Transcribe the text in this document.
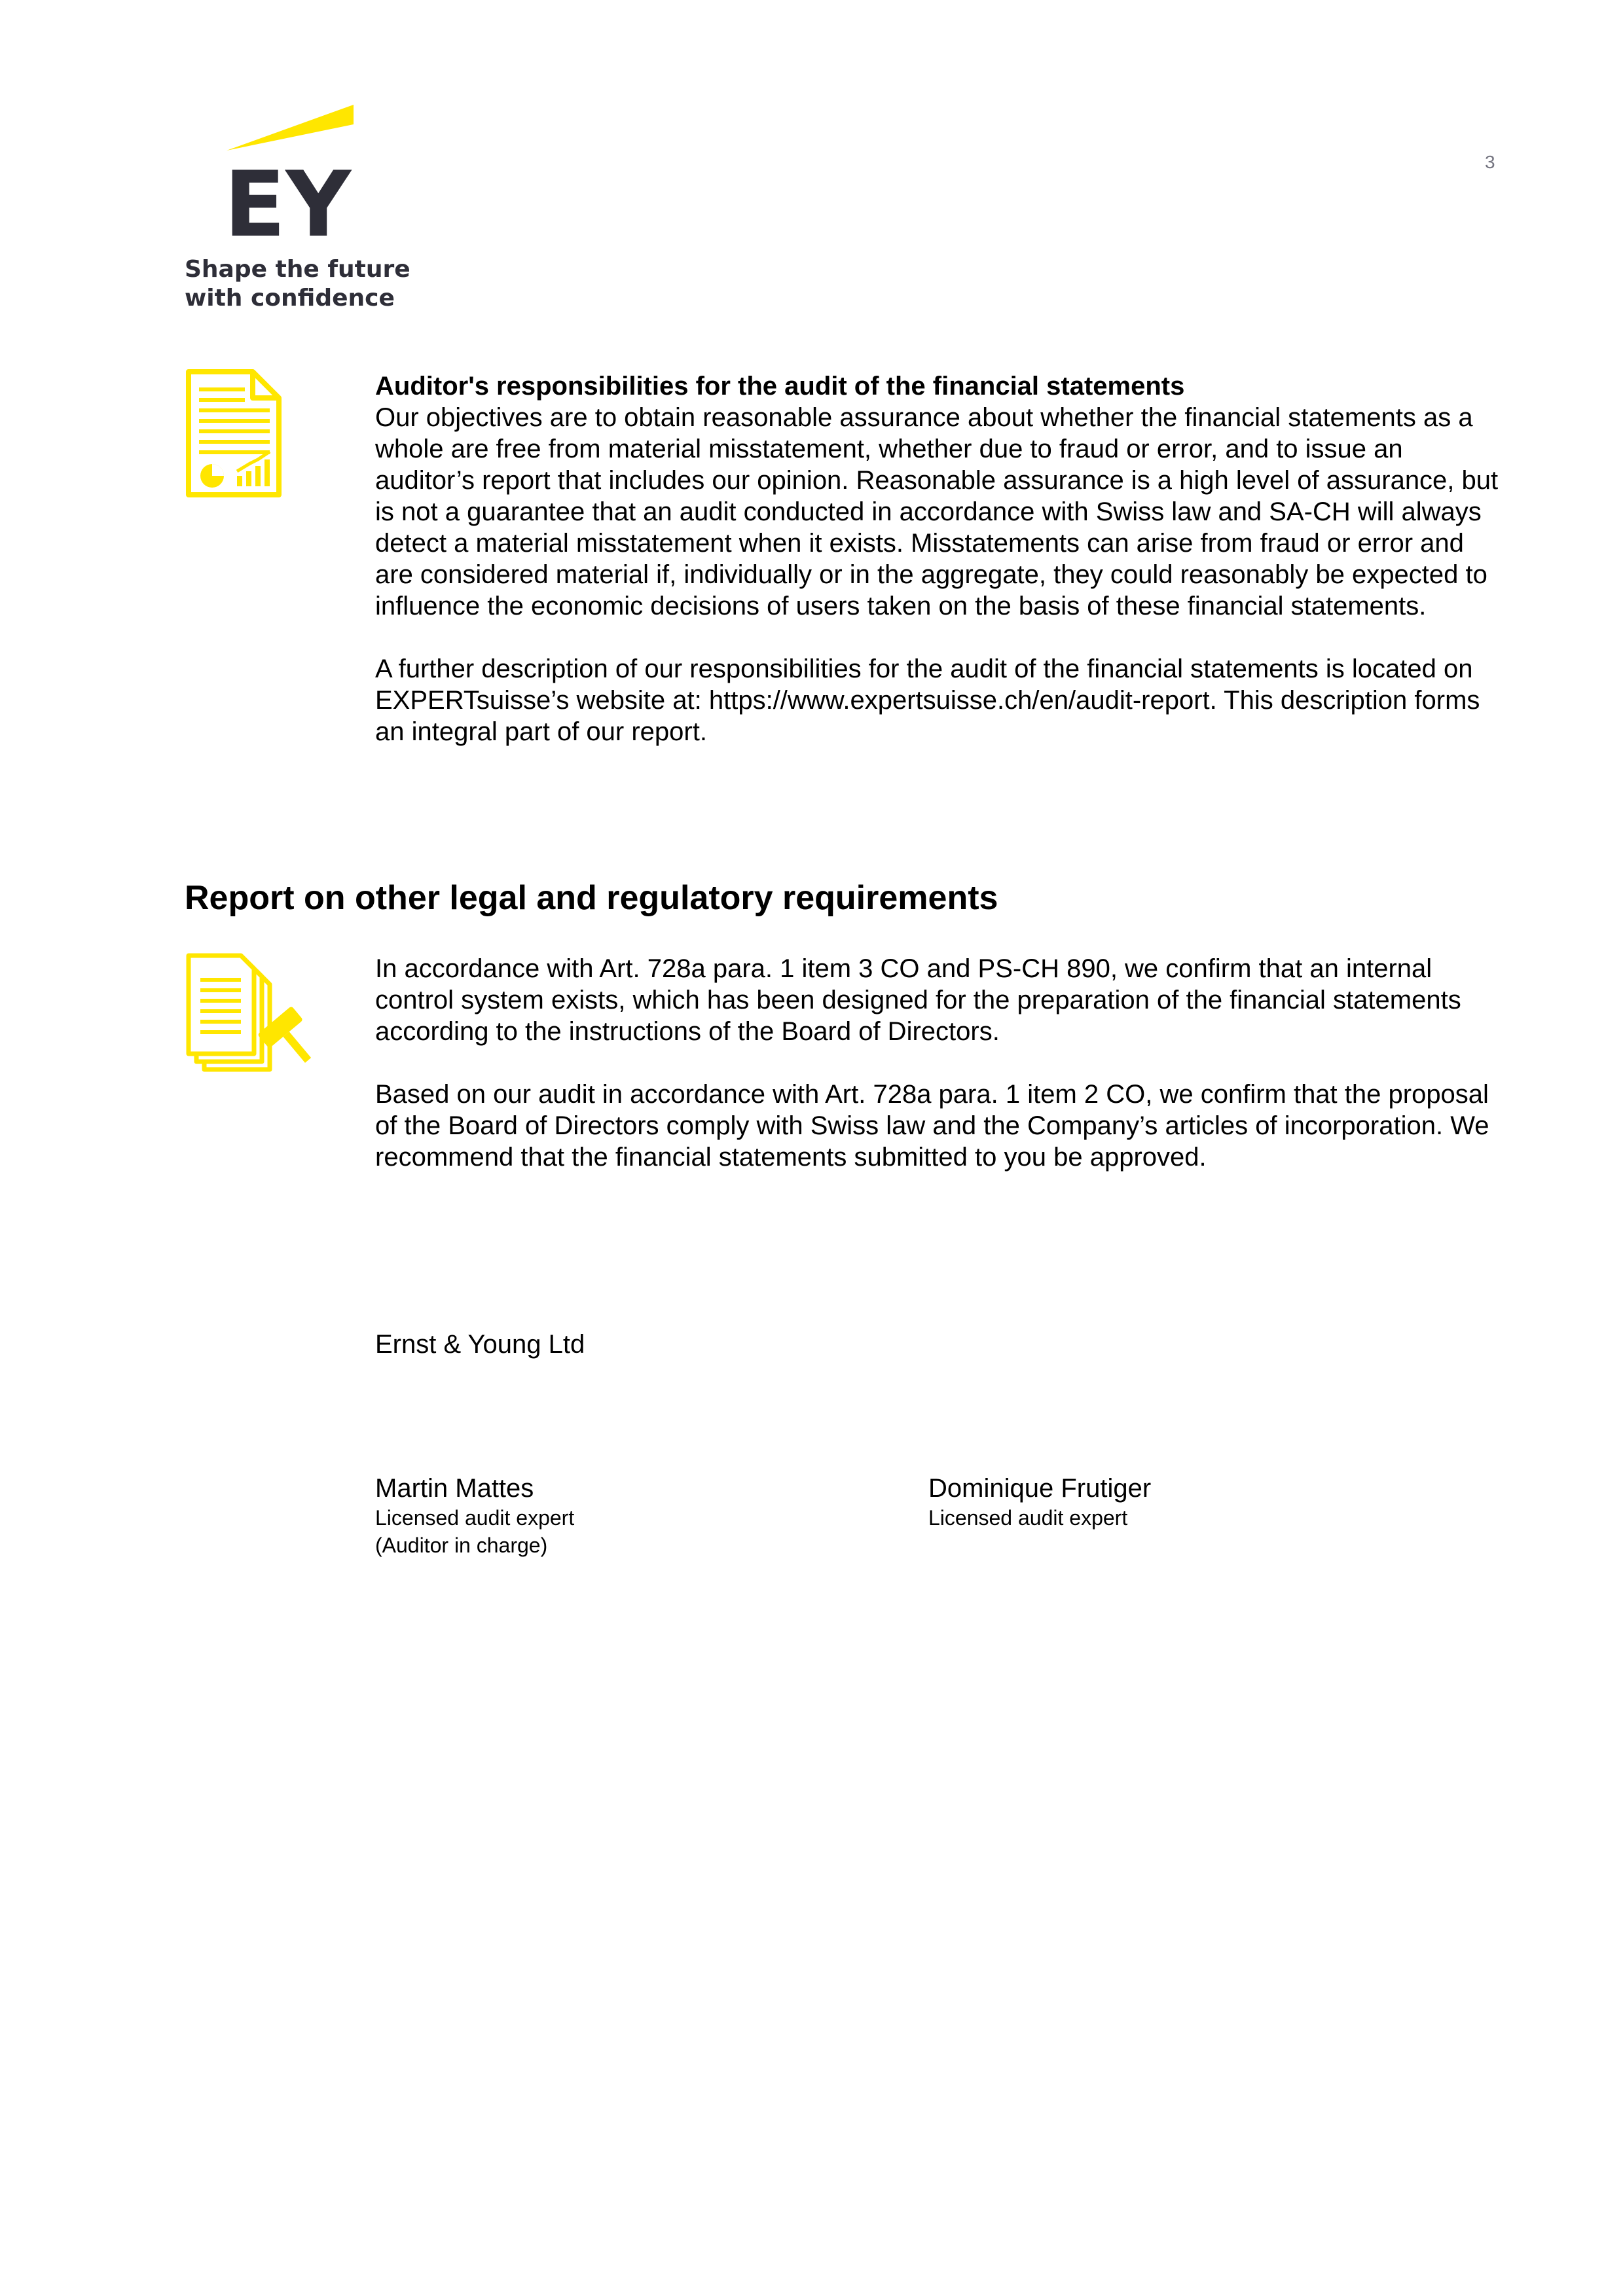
EY
Shape the future
with confidence
3

Auditor's responsibilities for the audit of the financial statements

Our objectives are to obtain reasonable assurance about whether the financial statements as a whole are free from material misstatement, whether due to fraud or error, and to issue an auditor’s report that includes our opinion. Reasonable assurance is a high level of assurance, but is not a guarantee that an audit conducted in accordance with Swiss law and SA-CH will always detect a material misstatement when it exists. Misstatements can arise from fraud or error and are considered material if, individually or in the aggregate, they could reasonably be expected to influence the economic decisions of users taken on the basis of these financial statements.

A further description of our responsibilities for the audit of the financial statements is located on EXPERTsuisse’s website at: https://www.expertsuisse.ch/en/audit-report. This description forms an integral part of our report.

Report on other legal and regulatory requirements

In accordance with Art. 728a para. 1 item 3 CO and PS-CH 890, we confirm that an internal control system exists, which has been designed for the preparation of the financial statements according to the instructions of the Board of Directors.

Based on our audit in accordance with Art. 728a para. 1 item 2 CO, we confirm that the proposal of the Board of Directors comply with Swiss law and the Company’s articles of incorporation. We recommend that the financial statements submitted to you be approved.

Ernst & Young Ltd
Martin Mattes
Licensed audit expert
(Auditor in charge)
Dominique Frutiger
Licensed audit expert
